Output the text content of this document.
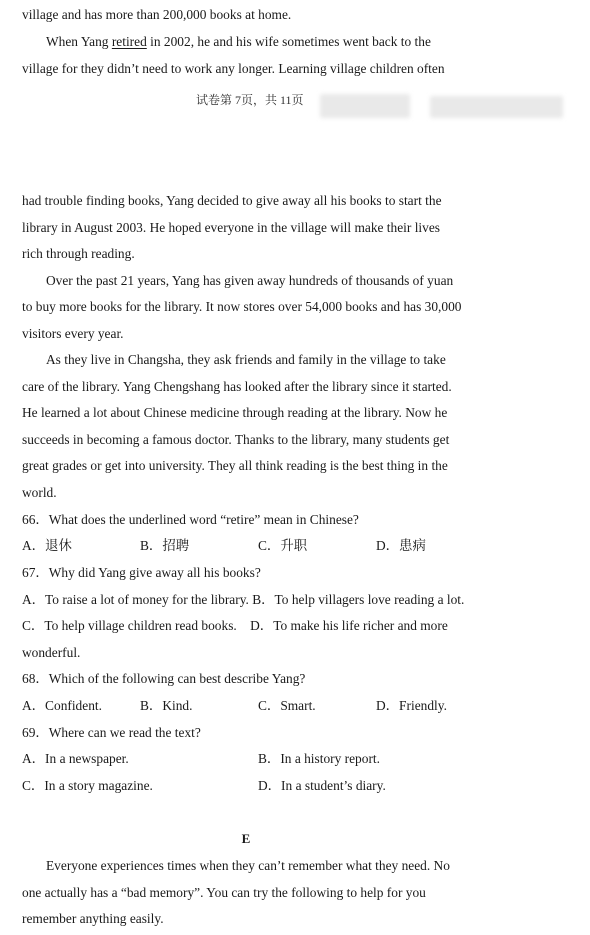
village and has more than 200,000 books at home.
When Yang retired in 2002, he and his wife sometimes went back to the
village for they didn’t need to work any longer. Learning village children often
试卷第 7页，共 11页
had trouble finding books, Yang decided to give away all his books to start the
library in August 2003. He hoped everyone in the village will make their lives
rich through reading.
Over the past 21 years, Yang has given away hundreds of thousands of yuan
to buy more books for the library. It now stores over 54,000 books and has 30,000
visitors every year.
As they live in Changsha, they ask friends and family in the village to take
care of the library. Yang Chengshang has looked after the library since it started.
He learned a lot about Chinese medicine through reading at the library. Now he
succeeds in becoming a famous doctor. Thanks to the library, many students get
great grades or get into university. They all think reading is the best thing in the
world.
66．What does the underlined word “retire” mean in Chinese?
A．退休	B．招聘	C．升职	D．患病
67．Why did Yang give away all his books?
A．To raise a lot of money for the library. B．To help villagers love reading a lot.
C．To help village children read books.    D．To make his life richer and more
wonderful.
68．Which of the following can best describe Yang?
A．Confident.	B．Kind.	C．Smart.	D．Friendly.
69．Where can we read the text?
A．In a newspaper.	B．In a history report.
C．In a story magazine.	D．In a student’s diary.
E
Everyone experiences times when they can’t remember what they need. No
one actually has a “bad memory”. You can try the following to help for you
remember anything easily.
